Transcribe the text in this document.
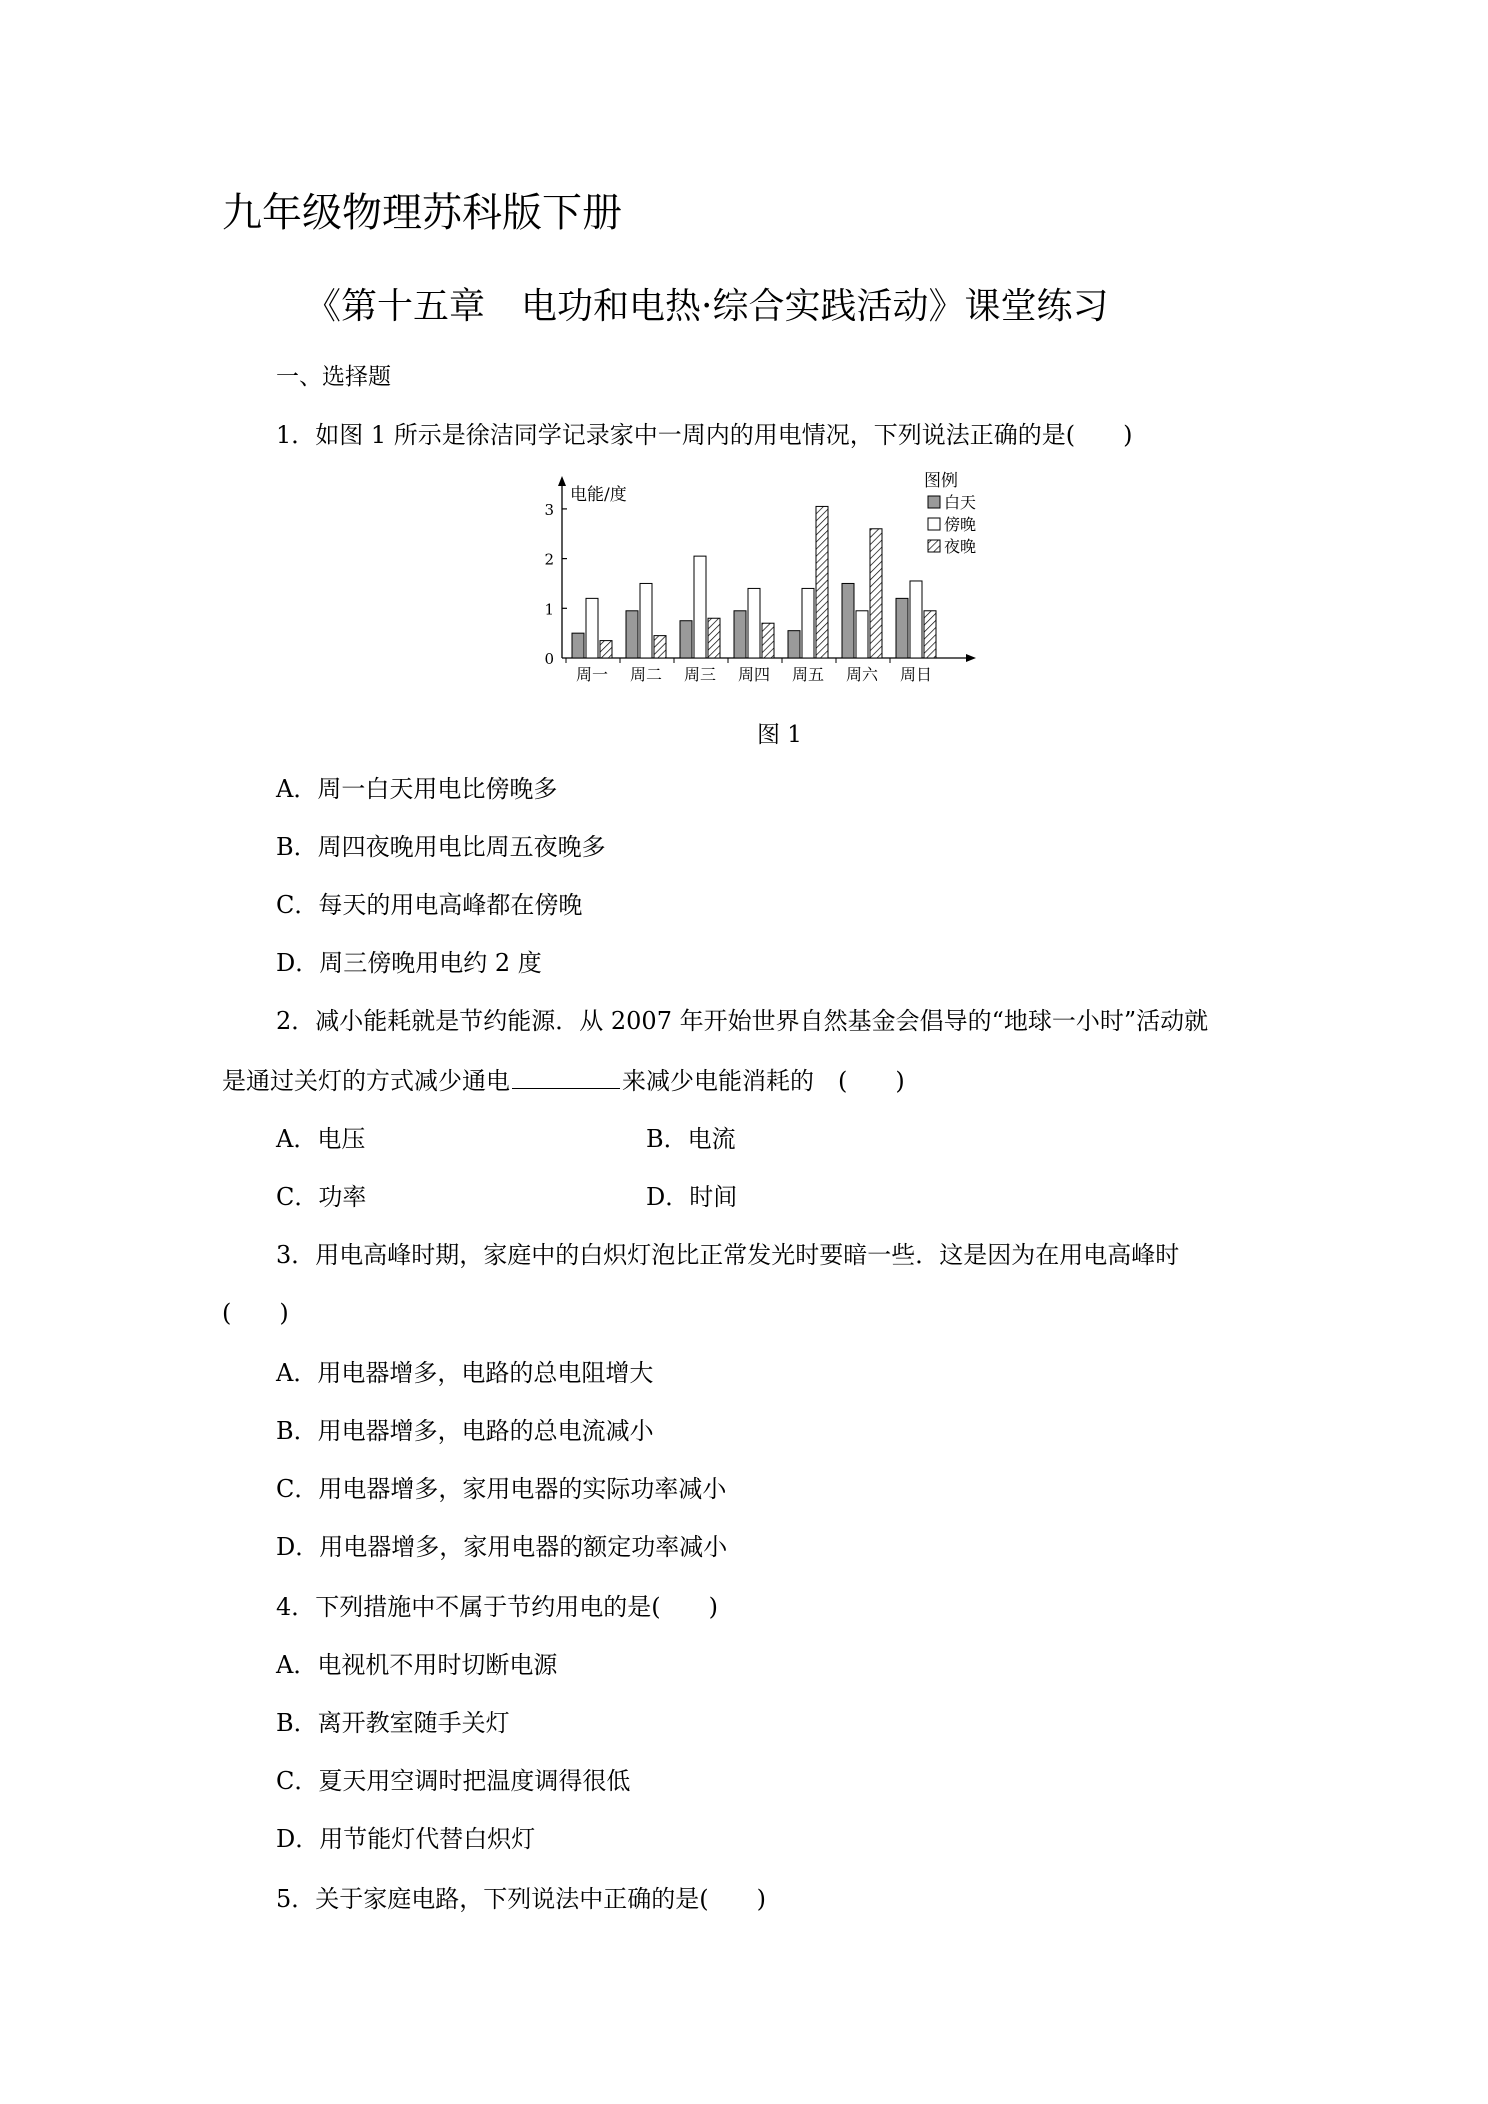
九年级物理苏科版下册
《第十五章　电功和电热·综合实践活动》课堂练习
一、选择题
1．如图 1 所示是徐洁同学记录家中一周内的用电情况，下列说法正确的是(　　)
0
1
2
3
电能/度
周一 周二 周三 周四 周五 周六 周日
图例
白天
傍晚
夜晚
图 1
A．周一白天用电比傍晚多
B．周四夜晚用电比周五夜晚多
C．每天的用电高峰都在傍晚
D．周三傍晚用电约 2 度
2．减小能耗就是节约能源．从 2007 年开始世界自然基金会倡导的“地球一小时”活动就
是通过关灯的方式减少通电	来减少电能消耗的　(　　)
A．电压	B．电流
C．功率	D．时间
3．用电高峰时期，家庭中的白炽灯泡比正常发光时要暗一些．这是因为在用电高峰时
(　　)
A．用电器增多，电路的总电阻增大
B．用电器增多，电路的总电流减小
C．用电器增多，家用电器的实际功率减小
D．用电器增多，家用电器的额定功率减小
4．下列措施中不属于节约用电的是(　　)
A．电视机不用时切断电源
B．离开教室随手关灯
C．夏天用空调时把温度调得很低
D．用节能灯代替白炽灯
5．关于家庭电路，下列说法中正确的是(　　)
